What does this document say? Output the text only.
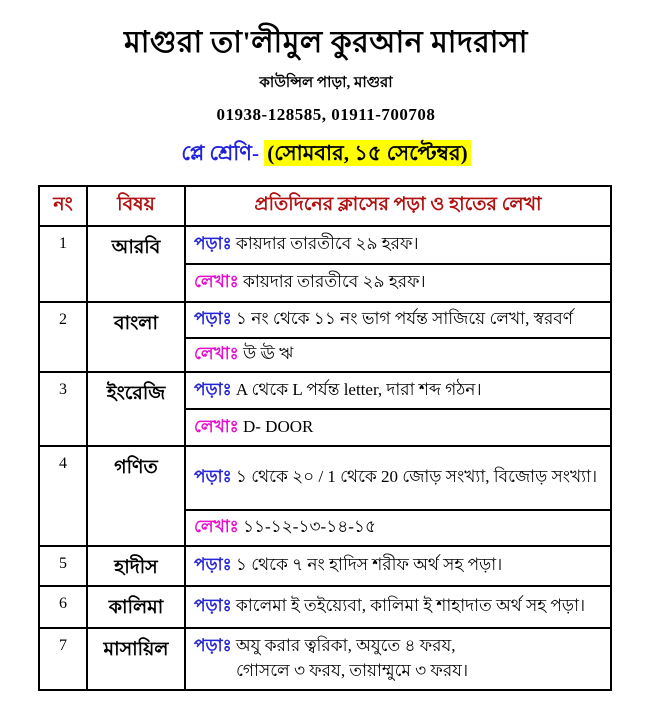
মাগুরা তা'লীমুল কুরআন মাদরাসা
কাউন্সিল পাড়া, মাগুরা
01938-128585, 01911-700708
প্লে শ্রেণি- (সোমবার, ১৫ সেপ্টেম্বর)
নং	বিষয়	প্রতিদিনের ক্লাসের পড়া ও হাতের লেখা
1	আরবি	পড়াঃ কায়দার তারতীবে ২৯ হরফ।
		লেখাঃ কায়দার তারতীবে ২৯ হরফ।
2	বাংলা	পড়াঃ ১ নং থেকে ১১ নং ভাগ পর্যন্ত সাজিয়ে লেখা, স্বরবর্ণ
		লেখাঃ উ ঊ ঋ
3	ইংরেজি	পড়াঃ A থেকে L পর্যন্ত letter, দারা শব্দ গঠন।
		লেখাঃ D- DOOR
4	গণিত	পড়াঃ ১ থেকে ২০ / 1 থেকে 20 জোড় সংখ্যা, বিজোড় সংখ্যা।
		লেখাঃ ১১-১২-১৩-১৪-১৫
5	হাদীস	পড়াঃ ১ থেকে ৭ নং হাদিস শরীফ অর্থ সহ পড়া।
6	কালিমা	পড়াঃ কালেমা ই তইয়্যেবা, কালিমা ই শাহাদাত অর্থ সহ পড়া।
7	মাসায়িল	পড়াঃ অযু করার ত্বরিকা, অযুতে ৪ ফরয,
গোসলে ৩ ফরয, তায়াম্মুমে ৩ ফরয।
